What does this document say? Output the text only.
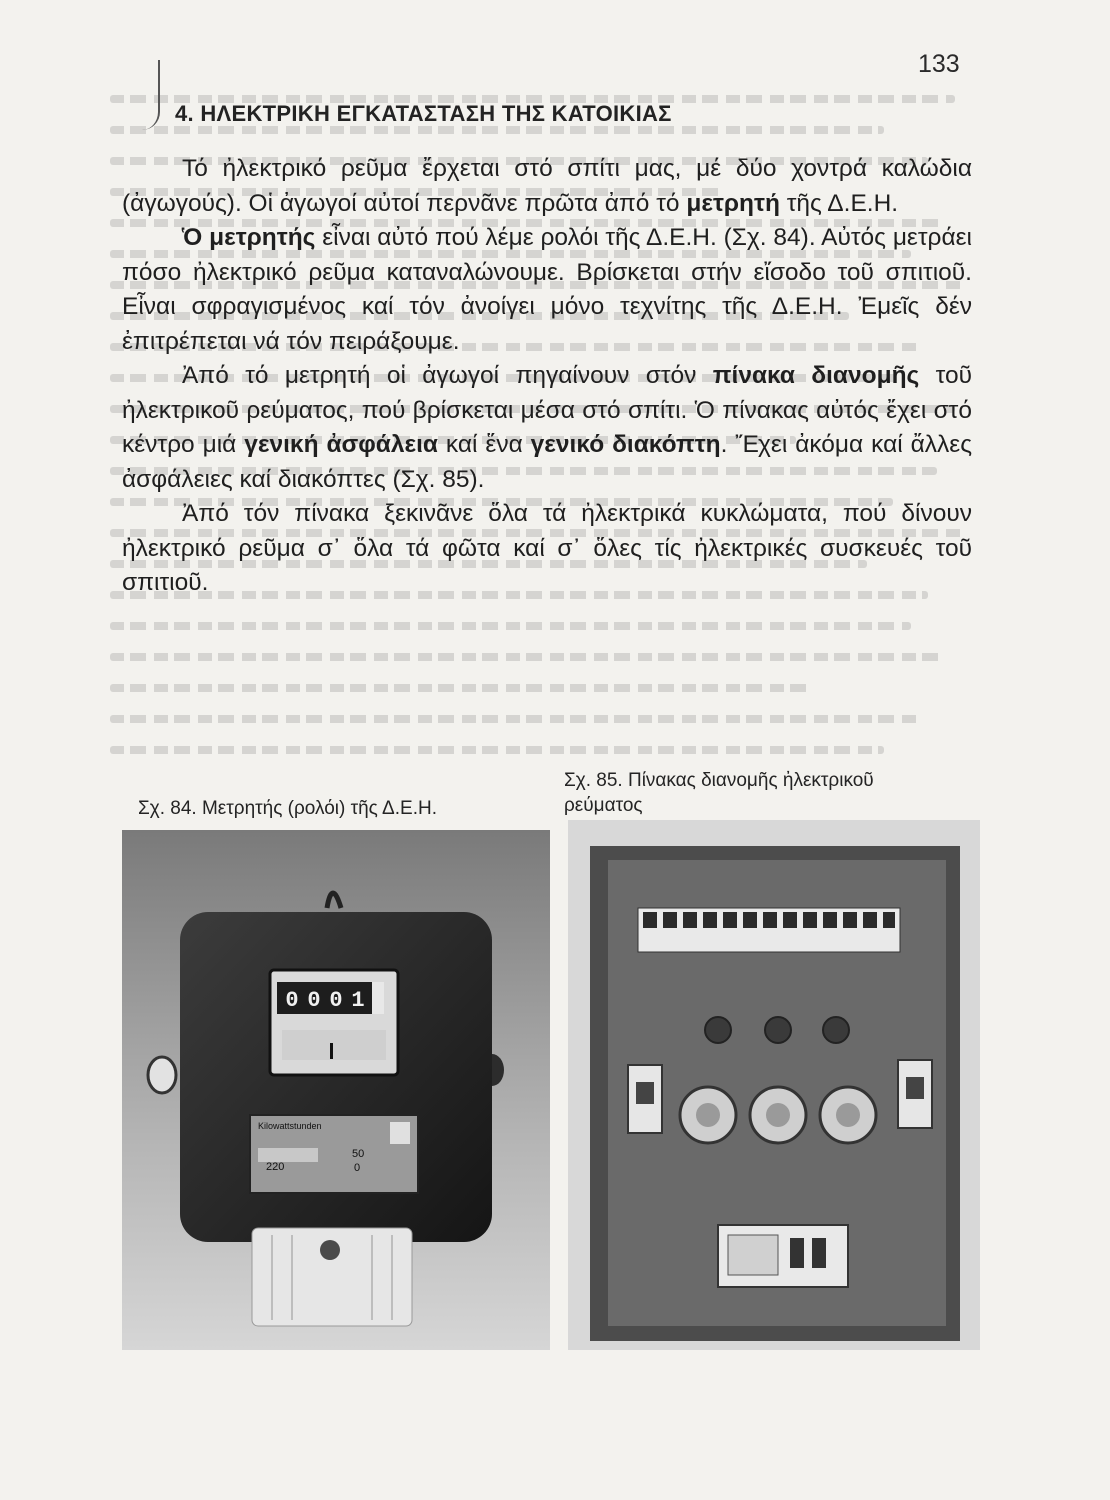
133
4. ΗΛΕΚΤΡΙΚΗ ΕΓΚΑΤΑΣΤΑΣΗ ΤΗΣ ΚΑΤΟΙΚΙΑΣ

Τό ἠλεκτρικό ρεῦμα ἔρχεται στό σπίτι μας, μέ δύο χοντρά καλώδια (ἀγωγούς). Οἱ ἀγωγοί αὐτοί περνᾶνε πρῶτα ἀπό τό μετρητή τῆς Δ.Ε.Η.

Ὁ μετρητής εἶναι αὐτό πού λέμε ρολόι τῆς Δ.Ε.Η. (Σχ. 84). Αὐτός μετράει πόσο ἠλεκτρικό ρεῦμα καταναλώνουμε. Βρίσκεται στήν εἴσοδο τοῦ σπιτιοῦ. Εἶναι σφραγισμένος καί τόν ἀνοίγει μόνο τεχνίτης τῆς Δ.Ε.Η. Ἐμεῖς δέν ἐπιτρέπεται νά τόν πειράξουμε.

Ἀπό τό μετρητή οἱ ἀγωγοί πηγαίνουν στόν πίνακα διανομῆς τοῦ ἠλεκτρικοῦ ρεύματος, πού βρίσκεται μέσα στό σπίτι. Ὁ πίνακας αὐτός ἔχει στό κέντρο μιά γενική ἀσφάλεια καί ἕνα γενικό διακόπτη. Ἔχει ἀκόμα καί ἄλλες ἀσφάλειες καί διακόπτες (Σχ. 85).

Ἀπό τόν πίνακα ξεκινᾶνε ὅλα τά ἠλεκτρικά κυκλώματα, πού δίνουν ἠλεκτρικό ρεῦμα σ᾽ ὅλα τά φῶτα καί σ᾽ ὅλες τίς ἠλεκτρικές συσκευές τοῦ σπιτιοῦ.

Σχ. 84. Μετρητής (ρολόι) τῆς Δ.Ε.Η.
Σχ. 85. Πίνακας διανομῆς ἠλεκτρικοῦ
ρεύματος
0 0 0 1
Kilowattstunden
220
50
0
